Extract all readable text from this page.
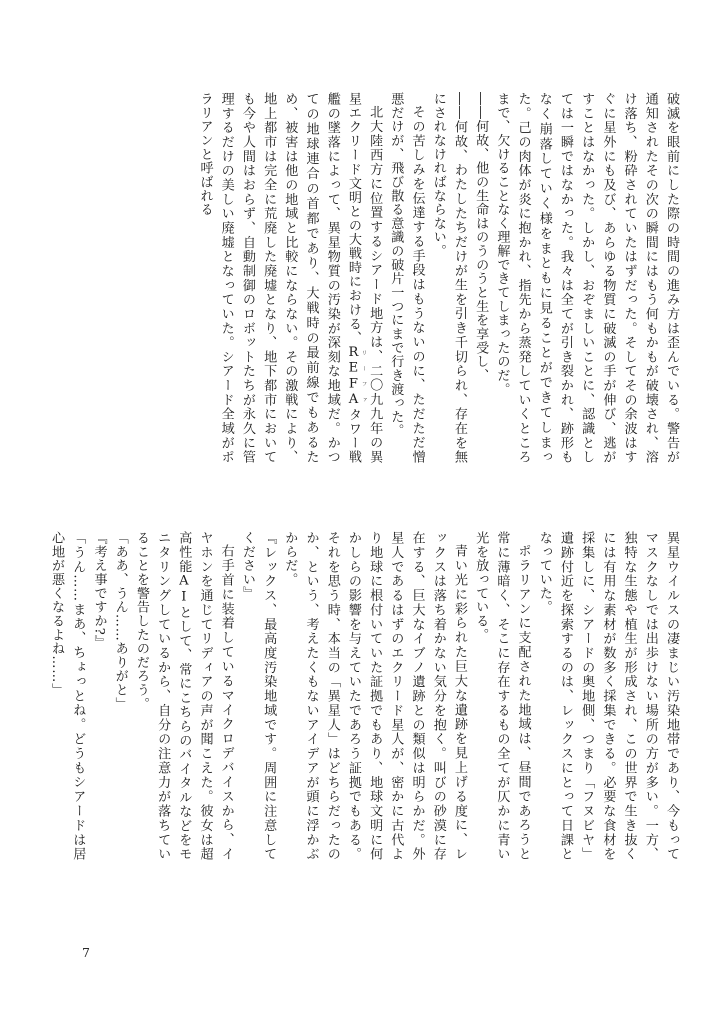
破滅を眼前にした際の時間の進み方は歪んでいる。警告が通知されたその次の瞬間にはもう何もかもが破壊され、溶け落ち、粉砕されていたはずだった。そしてその余波はすぐに星外にも及び、あらゆる物質に破滅の手が伸び、逃がすことはなかった。しかし、おぞましいことに、認識としては一瞬ではなかった。我々は全てが引き裂かれ、跡形もなく崩落していく様をまともに見ることができてしまった。己の肉体が炎に抱かれ、指先から蒸発していくところまで、欠けることなく理解できてしまったのだ。

――何故、他の生命はのうのうと生を享受し、

――何故、わたしたちだけが生を引き千切られ、存在を無にされなければならない。

その苦しみを伝達する手段はもうないのに、ただただ憎悪だけが、飛び散る意識の破片一つにまで行き渡った。

北大陸西方に位置するシアード地方は、二〇九九年の異星エクリード文明との大戦時における、REFA リーファタワー戦艦の墜落によって、異星物質の汚染が深刻な地域だ。かつての地球連合の首都であり、大戦時の最前線でもあるため、被害は他の地域と比較にならない。その激戦により、地上都市は完全に荒廃した廃墟となり、地下都市においても今や人間はおらず、自動制御のロボットたちが永久に管理するだけの美しい廃墟となっていた。シアード全域がポラリアンと呼ばれる

異星ウイルスの凄まじい汚染地帯であり、今もってマスクなしでは出歩けない場所の方が多い。一方、独特な生態や植生が形成され、この世界で生き抜くには有用な素材が数多く採集できる。必要な食材を採集しに、シアードの奥地側、つまり「フヌビヤ」遺跡付近を探索するのは、レックスにとって日課となっていた。

ポラリアンに支配された地域は、昼間であろうと常に薄暗く、そこに存在するもの全てが仄かに青い光を放っている。

青い光に彩られた巨大な遺跡を見上げる度に、レックスは落ち着かない気分を抱く。叫びの砂漠に存在する、巨大なイブノ遺跡との類似は明らかだ。外星人であるはずのエクリード星人が、密かに古代より地球に根付いていた証拠でもあり、地球文明に何かしらの影響を与えていたであろう証拠でもある。それを思う時、本当の「異星人」はどちらだったのか、という、考えたくもないアイデアが頭に浮かぶからだ。

『レックス、最高度汚染地域です。周囲に注意してください』

右手首に装着しているマイクロデバイスから、イヤホンを通じてリディアの声が聞こえた。彼女は超高性能AIとして、常にこちらのバイタルなどをモニタリングしているから、自分の注意力が落ちていることを警告したのだろう。

「ああ、うん……ありがと」

『考え事ですか?』

「うん……まあ、ちょっとね。どうもシアードは居心地が悪くなるよね……」

7
